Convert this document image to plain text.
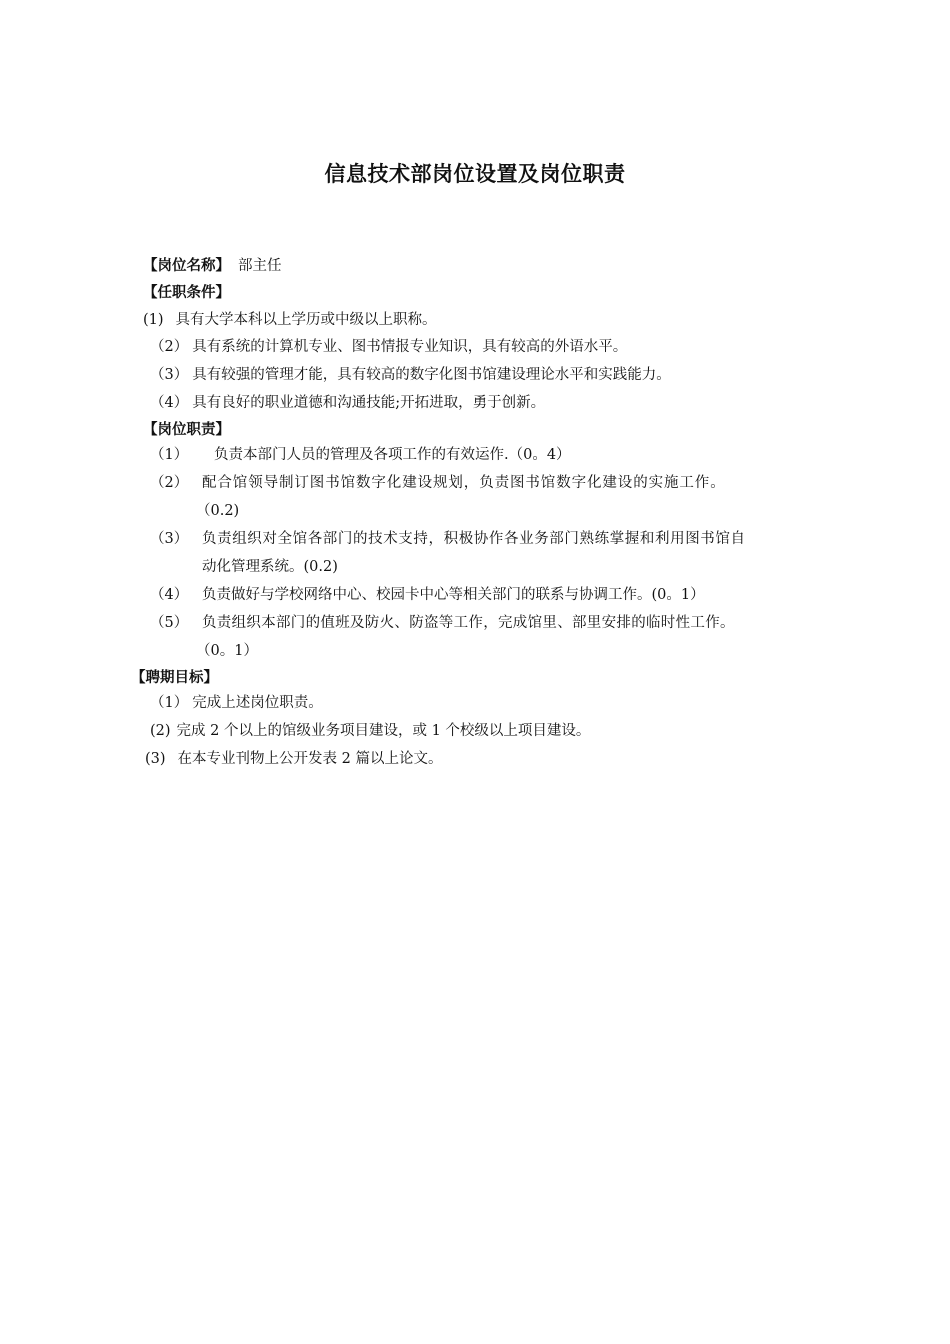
信息技术部岗位设置及岗位职责
【岗位名称】 部主任
【任职条件】
(1) 具有大学本科以上学历或中级以上职称。
（2） 具有系统的计算机专业、图书情报专业知识，具有较高的外语水平。
（3） 具有较强的管理才能，具有较高的数字化图书馆建设理论水平和实践能力。
（4） 具有良好的职业道德和沟通技能;开拓进取，勇于创新。
【岗位职责】
（1） 负责本部门人员的管理及各项工作的有效运作.（0。4）
（2） 配合馆领导制订图书馆数字化建设规划，负责图书馆数字化建设的实施工作。
（0.2)
（3） 负责组织对全馆各部门的技术支持，积极协作各业务部门熟练掌握和利用图书馆自
动化管理系统。(0.2)
（4） 负责做好与学校网络中心、校园卡中心等相关部门的联系与协调工作。(0。1）
（5） 负责组织本部门的值班及防火、防盗等工作，完成馆里、部里安排的临时性工作。
（0。1）
【聘期目标】
（1） 完成上述岗位职责。
(2) 完成 2 个以上的馆级业务项目建设，或 1 个校级以上项目建设。
(3) 在本专业刊物上公开发表 2 篇以上论文。
